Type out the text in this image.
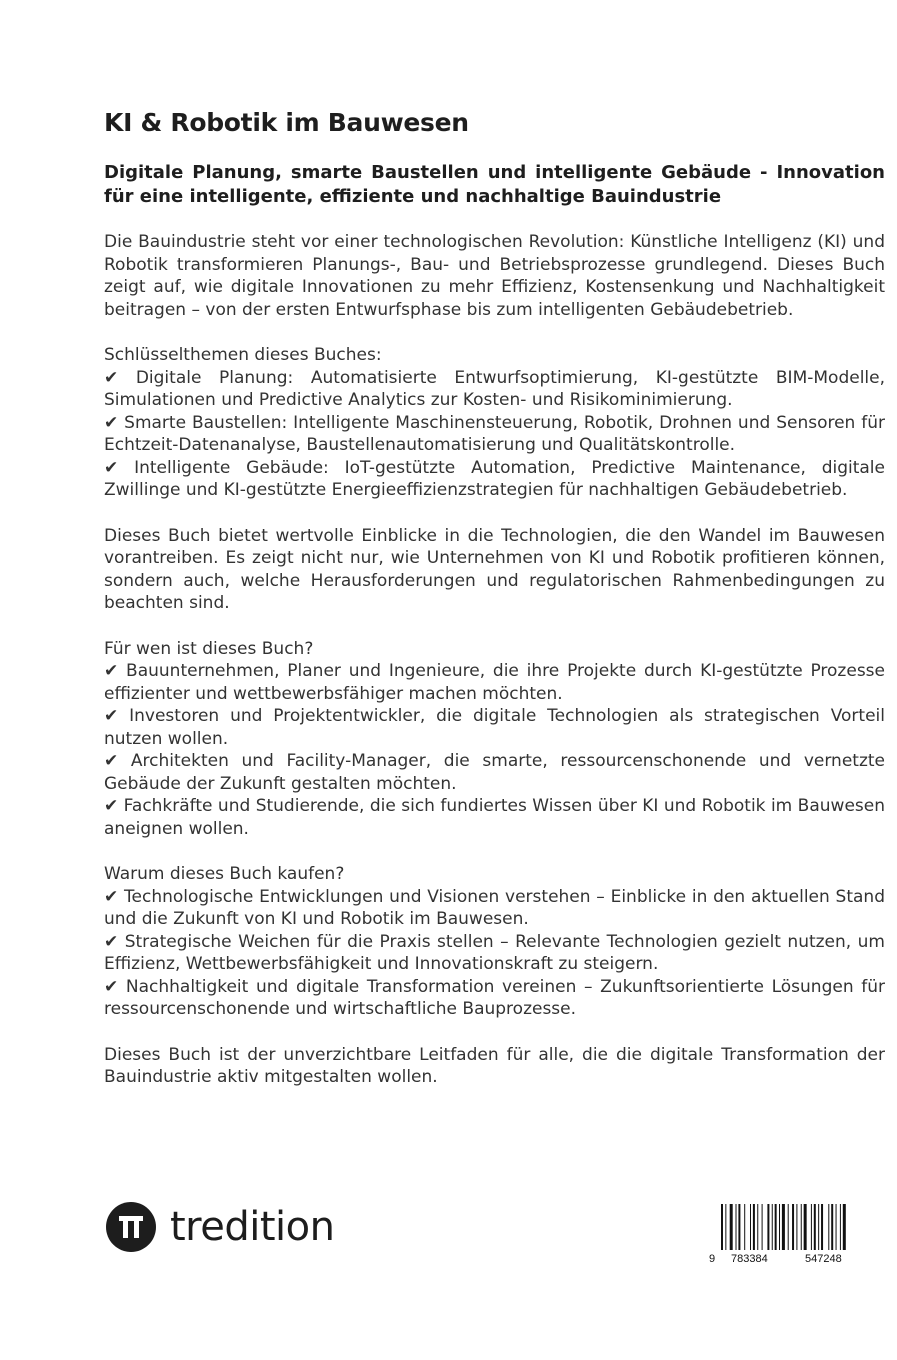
KI & Robotik im Bauwesen
Digitale Planung, smarte Baustellen und intelligente Gebäude - Innovation für eine intelligente, effiziente und nachhaltige Bauindustrie

Die Bauindustrie steht vor einer technologischen Revolution: Künstliche Intelligenz (KI) und Robotik transformieren Planungs-, Bau- und Betriebsprozesse grundlegend. Dieses Buch zeigt auf, wie digitale Innovationen zu mehr Effizienz, Kostensenkung und Nachhaltigkeit beitragen – von der ersten Entwurfsphase bis zum intelligenten Gebäudebetrieb.

Schlüsselthemen dieses Buches:
✔ Digitale Planung: Automatisierte Entwurfsoptimierung, KI-gestützte BIM-Modelle, Simulationen und Predictive Analytics zur Kosten- und Risikominimierung.
✔ Smarte Baustellen: Intelligente Maschinensteuerung, Robotik, Drohnen und Sensoren für Echtzeit-Datenanalyse, Baustellenautomatisierung und Qualitätskontrolle.
✔ Intelligente Gebäude: IoT-gestützte Automation, Predictive Maintenance, digitale Zwillinge und KI-gestützte Energieeffizienzstrategien für nachhaltigen Gebäudebetrieb.

Dieses Buch bietet wertvolle Einblicke in die Technologien, die den Wandel im Bauwesen vorantreiben. Es zeigt nicht nur, wie Unternehmen von KI und Robotik profitieren können, sondern auch, welche Herausforderungen und regulatorischen Rahmenbedingungen zu beachten sind.

Für wen ist dieses Buch?
✔ Bauunternehmen, Planer und Ingenieure, die ihre Projekte durch KI-gestützte Prozesse effizienter und wettbewerbsfähiger machen möchten.
✔ Investoren und Projektentwickler, die digitale Technologien als strategischen Vorteil nutzen wollen.
✔ Architekten und Facility-Manager, die smarte, ressourcenschonende und vernetzte Gebäude der Zukunft gestalten möchten.
✔ Fachkräfte und Studierende, die sich fundiertes Wissen über KI und Robotik im Bauwesen aneignen wollen.

Warum dieses Buch kaufen?
✔ Technologische Entwicklungen und Visionen verstehen – Einblicke in den aktuellen Stand und die Zukunft von KI und Robotik im Bauwesen.
✔ Strategische Weichen für die Praxis stellen – Relevante Technologien gezielt nutzen, um Effizienz, Wettbewerbsfähigkeit und Innovationskraft zu steigern.
✔ Nachhaltigkeit und digitale Transformation vereinen – Zukunftsorientierte Lösungen für ressourcenschonende und wirtschaftliche Bauprozesse.

Dieses Buch ist der unverzichtbare Leitfaden für alle, die die digitale Transformation der Bauindustrie aktiv mitgestalten wollen.

tredition
9 783384	547248
